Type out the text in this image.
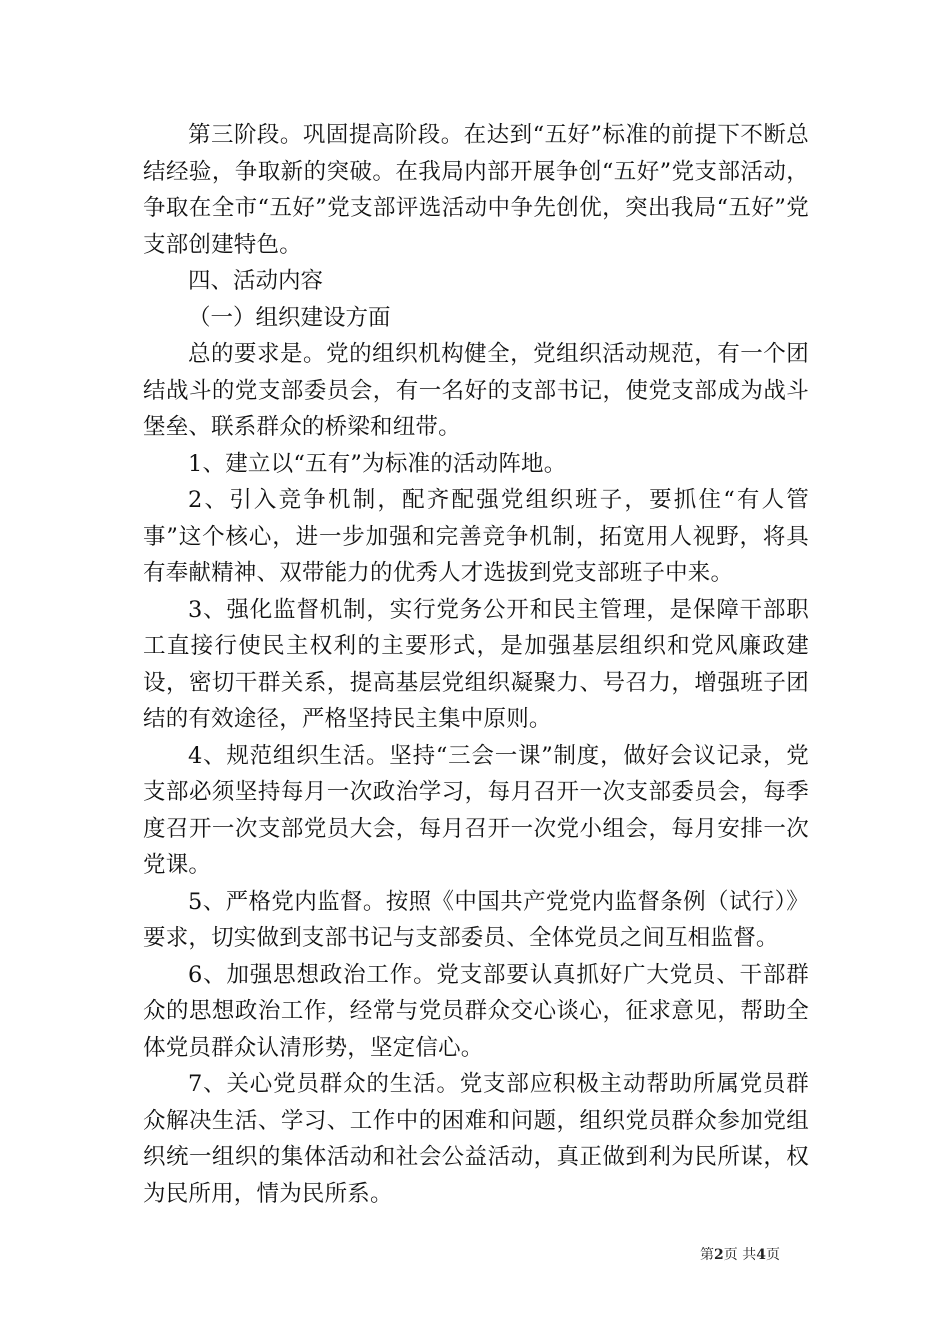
第三阶段。巩固提高阶段。在达到“五好”标准的前提下不断总结经验，争取新的突破。在我局内部开展争创“五好”党支部活动，争取在全市“五好”党支部评选活动中争先创优，突出我局“五好”党支部创建特色。

四、活动内容

（一）组织建设方面

总的要求是。党的组织机构健全，党组织活动规范，有一个团结战斗的党支部委员会，有一名好的支部书记，使党支部成为战斗堡垒、联系群众的桥梁和纽带。

1、建立以“五有”为标准的活动阵地。

2、引入竞争机制，配齐配强党组织班子，要抓住“有人管事”这个核心，进一步加强和完善竞争机制，拓宽用人视野，将具有奉献精神、双带能力的优秀人才选拔到党支部班子中来。

3、强化监督机制，实行党务公开和民主管理，是保障干部职工直接行使民主权利的主要形式，是加强基层组织和党风廉政建设，密切干群关系，提高基层党组织凝聚力、号召力，增强班子团结的有效途径，严格坚持民主集中原则。

4、规范组织生活。坚持“三会一课”制度，做好会议记录，党支部必须坚持每月一次政治学习，每月召开一次支部委员会，每季度召开一次支部党员大会，每月召开一次党小组会，每月安排一次党课。

5、严格党内监督。按照《中国共产党党内监督条例（试行）》要求，切实做到支部书记与支部委员、全体党员之间互相监督。

6、加强思想政治工作。党支部要认真抓好广大党员、干部群众的思想政治工作，经常与党员群众交心谈心，征求意见，帮助全体党员群众认清形势，坚定信心。

7、关心党员群众的生活。党支部应积极主动帮助所属党员群众解决生活、学习、工作中的困难和问题，组织党员群众参加党组织统一组织的集体活动和社会公益活动，真正做到利为民所谋，权为民所用，情为民所系。

第2页 共4页
